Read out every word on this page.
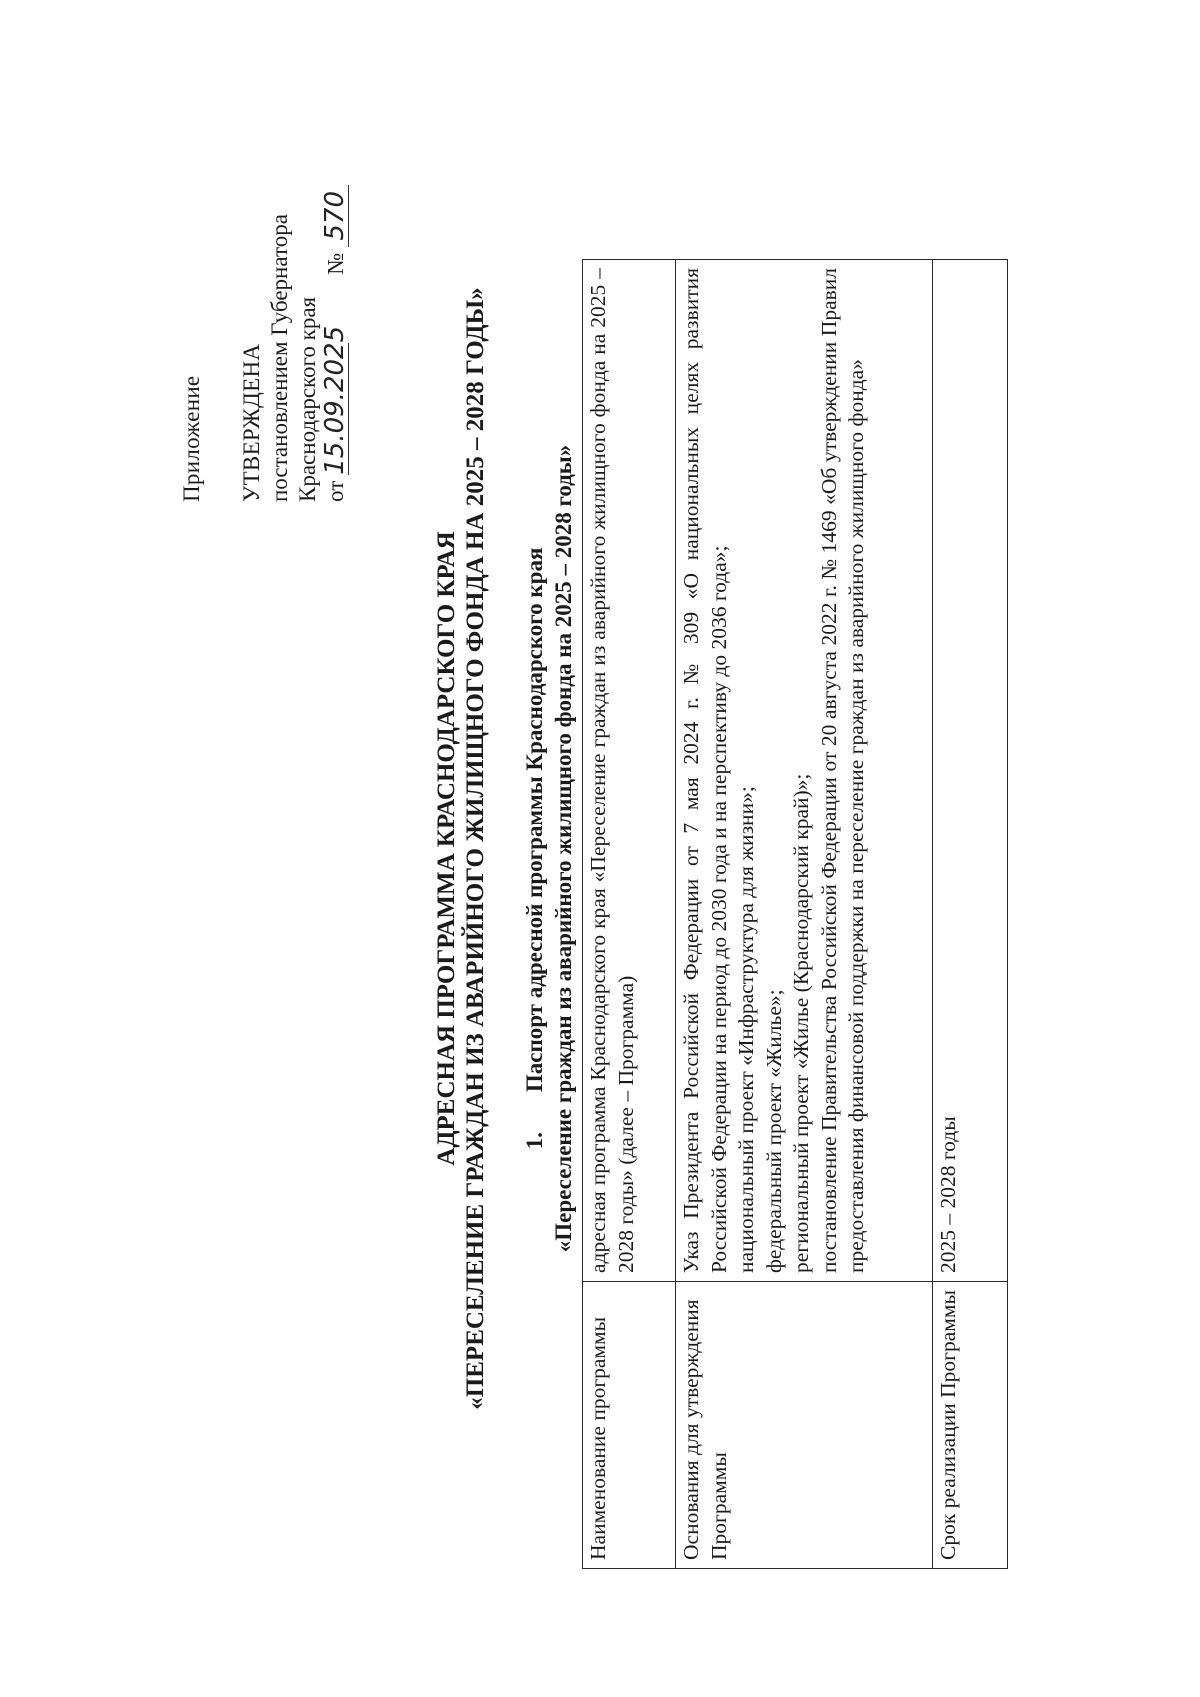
Приложение УТВЕРЖДЕНА постановлением Губернатора Краснодарского края от15.09.2025№570
АДРЕСНАЯ ПРОГРАММА КРАСНОДАРСКОГО КРАЯ «ПЕРЕСЕЛЕНИЕ ГРАЖДАН ИЗ АВАРИЙНОГО ЖИЛИЩНОГО ФОНДА НА 2025 – 2028 ГОДЫ» 1.Паспорт адресной программы Краснодарского края «Переселение граждан из аварийного жилищного фонда на 2025 – 2028 годы»
Наименование программы	адресная программа Краснодарского края «Переселение граждан из аварийного жилищного фонда на 2025 – 2028 годы» (далее – Программа)

Основания для утверждения Программы	Указ Президента Российской Федерации от 7 мая 2024 г. № 309 «О национальных целях развития Российской Федерации на период до 2030 года и на перспективу до 2036 года»; национальный проект «Инфраструктура для жизни»; федеральный проект «Жилье»; региональный проект «Жилье (Краснодарский край)»; постановление Правительства Российской Федерации от 20 августа 2022 г. № 1469 «Об утверждении Правил предоставления финансовой поддержки на переселение граждан из аварийного жилищного фонда»

Срок реализации Программы	2025 – 2028 годы
